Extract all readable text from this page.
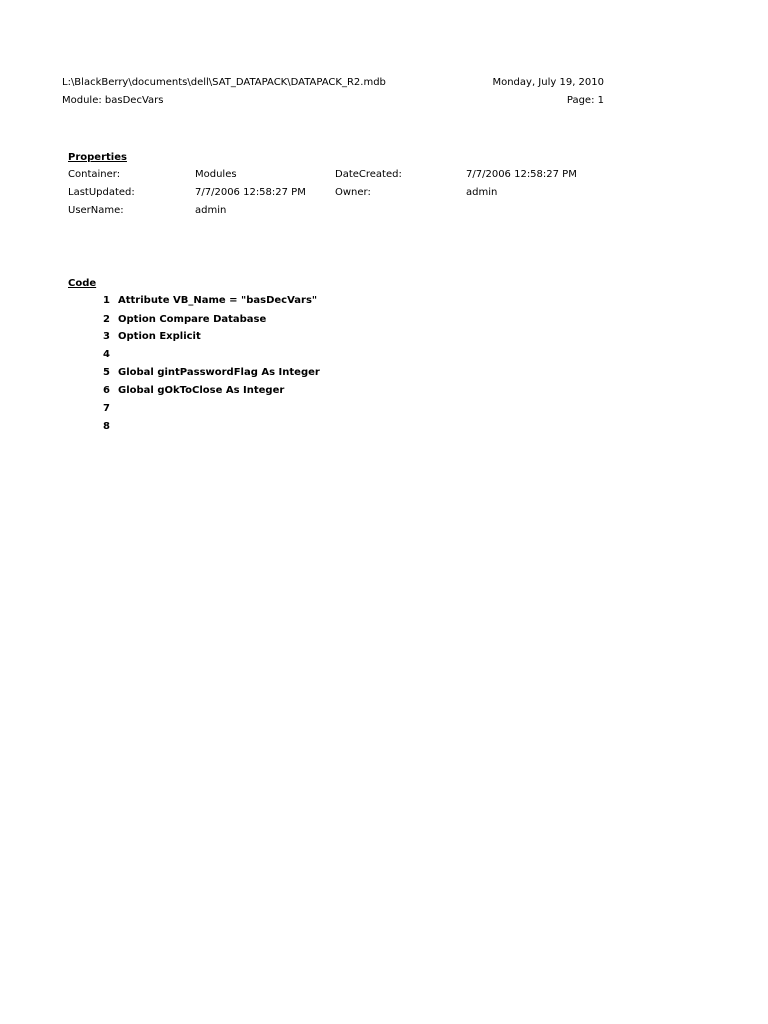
L:\BlackBerry\documents\dell\SAT_DATAPACK\DATAPACK_R2.mdb	Monday, July 19, 2010
Module: basDecVars	Page: 1
Properties
Container:	Modules	DateCreated:	7/7/2006 12:58:27 PM
LastUpdated:	7/7/2006 12:58:27 PM	Owner:	admin
UserName:	admin
Code
1 Attribute VB_Name = "basDecVars"
2 Option Compare Database
3 Option Explicit
4
5 Global gintPasswordFlag As Integer
6 Global gOkToClose As Integer
7
8
